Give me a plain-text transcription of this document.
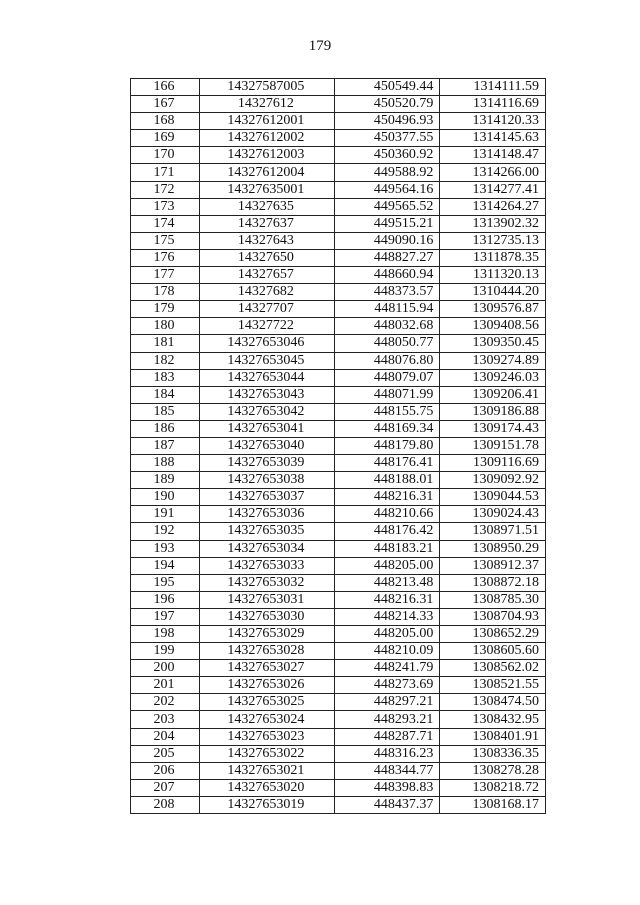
179
166	14327587005	450549.44	1314111.59
167	14327612	450520.79	1314116.69
168	14327612001	450496.93	1314120.33
169	14327612002	450377.55	1314145.63
170	14327612003	450360.92	1314148.47
171	14327612004	449588.92	1314266.00
172	14327635001	449564.16	1314277.41
173	14327635	449565.52	1314264.27
174	14327637	449515.21	1313902.32
175	14327643	449090.16	1312735.13
176	14327650	448827.27	1311878.35
177	14327657	448660.94	1311320.13
178	14327682	448373.57	1310444.20
179	14327707	448115.94	1309576.87
180	14327722	448032.68	1309408.56
181	14327653046	448050.77	1309350.45
182	14327653045	448076.80	1309274.89
183	14327653044	448079.07	1309246.03
184	14327653043	448071.99	1309206.41
185	14327653042	448155.75	1309186.88
186	14327653041	448169.34	1309174.43
187	14327653040	448179.80	1309151.78
188	14327653039	448176.41	1309116.69
189	14327653038	448188.01	1309092.92
190	14327653037	448216.31	1309044.53
191	14327653036	448210.66	1309024.43
192	14327653035	448176.42	1308971.51
193	14327653034	448183.21	1308950.29
194	14327653033	448205.00	1308912.37
195	14327653032	448213.48	1308872.18
196	14327653031	448216.31	1308785.30
197	14327653030	448214.33	1308704.93
198	14327653029	448205.00	1308652.29
199	14327653028	448210.09	1308605.60
200	14327653027	448241.79	1308562.02
201	14327653026	448273.69	1308521.55
202	14327653025	448297.21	1308474.50
203	14327653024	448293.21	1308432.95
204	14327653023	448287.71	1308401.91
205	14327653022	448316.23	1308336.35
206	14327653021	448344.77	1308278.28
207	14327653020	448398.83	1308218.72
208	14327653019	448437.37	1308168.17
